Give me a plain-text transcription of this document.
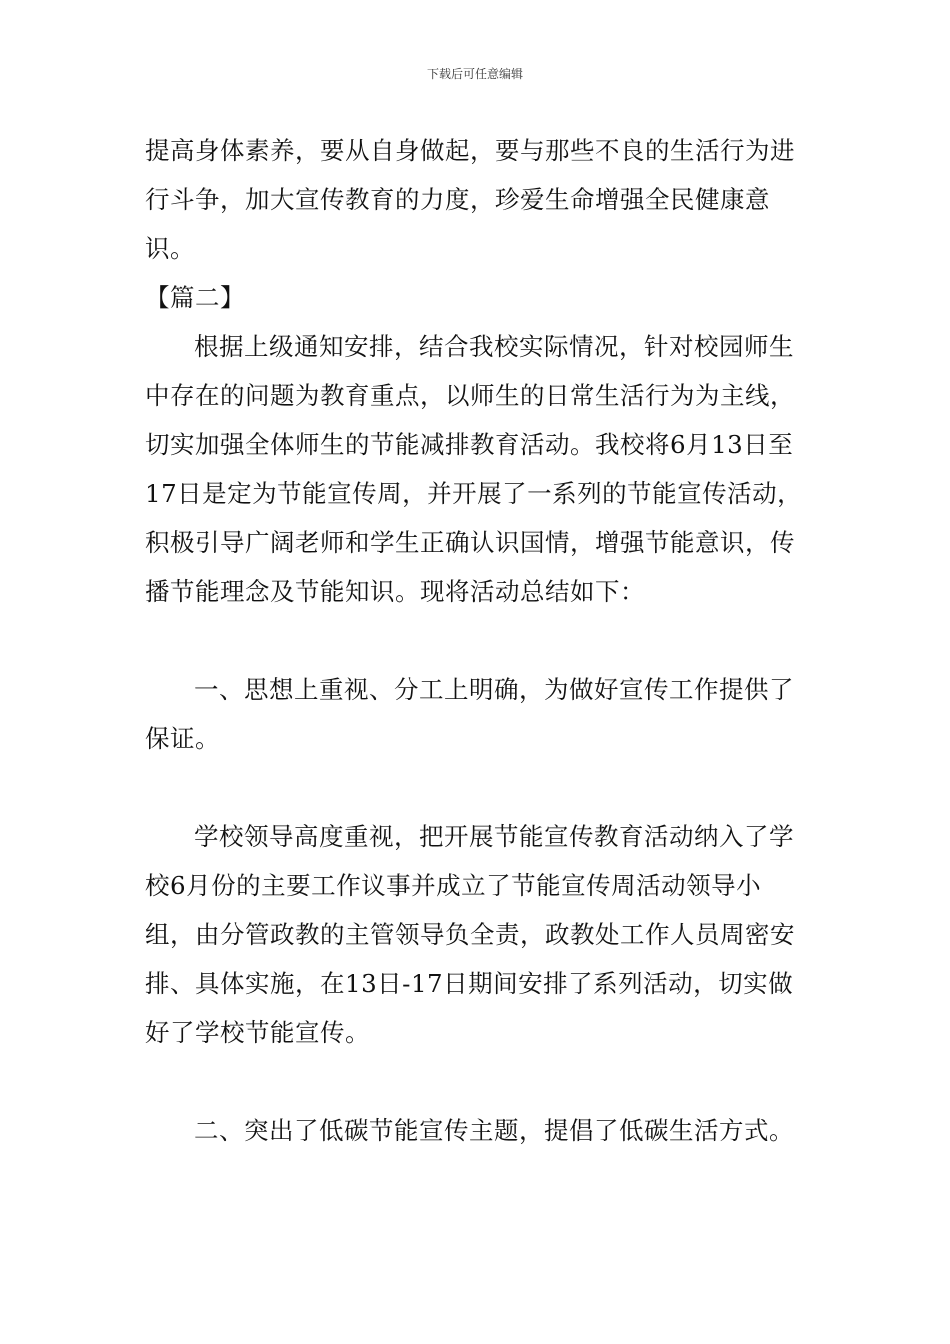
下载后可任意编辑

提高身体素养，要从自身做起，要与那些不良的生活行为进行斗争，加大宣传教育的力度，珍爱生命增强全民健康意识。

【篇二】

根据上级通知安排，结合我校实际情况，针对校园师生中存在的问题为教育重点，以师生的日常生活行为为主线，切实加强全体师生的节能减排教育活动。我校将6月13日至17日是定为节能宣传周，并开展了一系列的节能宣传活动，积极引导广阔老师和学生正确认识国情，增强节能意识，传播节能理念及节能知识。现将活动总结如下：

一、思想上重视、分工上明确，为做好宣传工作提供了保证。

学校领导高度重视，把开展节能宣传教育活动纳入了学校6月份的主要工作议事并成立了节能宣传周活动领导小组，由分管政教的主管领导负全责，政教处工作人员周密安排、具体实施，在13日-17日期间安排了系列活动，切实做好了学校节能宣传。

二、突出了低碳节能宣传主题，提倡了低碳生活方式。
